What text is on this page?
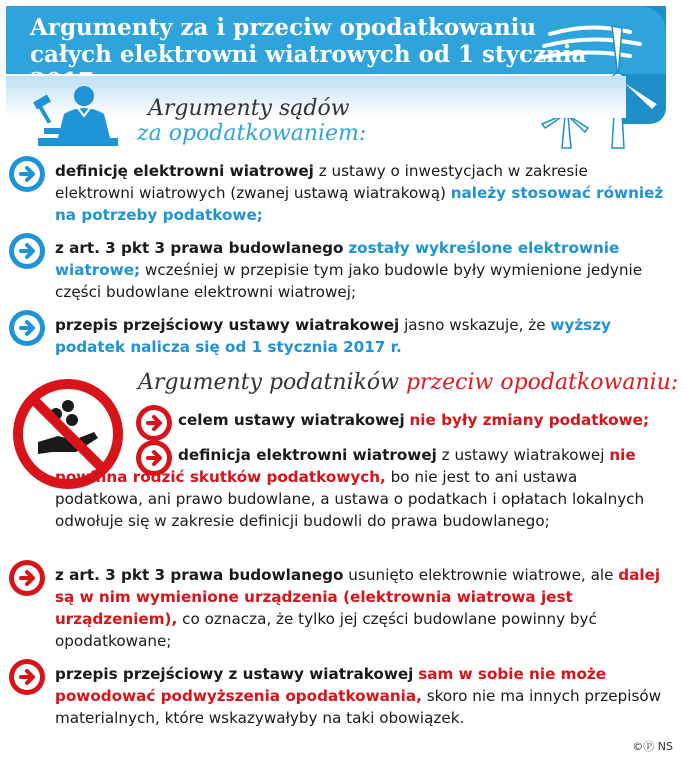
Argumenty za i przeciw opodatkowaniu całych elektrowni wiatrowych od 1 stycznia
Argumenty sądów
za opodatkowaniem:

definicję elektrowni wiatrowej z ustawy o inwestycjach w zakresie elektrowni wiatrowych (zwanej ustawą wiatrakową) należy stosować również na potrzeby podatkowe;

z art. 3 pkt 3 prawa budowlanego zostały wykreślone elektrownie wiatrowe; wcześniej w przepisie tym jako budowle były wymienione jedynie części budowlane elektrowni wiatrowej;

przepis przejściowy ustawy wiatrakowej jasno wskazuje, że wyższy podatek nalicza się od 1 stycznia 2017 r.

Argumenty podatników przeciw opodatkowaniu:

celem ustawy wiatrakowej nie były zmiany podatkowe;

definicja elektrowni wiatrowej z ustawy wiatrakowej nie powinna rodzić skutków podatkowych, bo nie jest to ani ustawa podatkowa, ani prawo budowlane, a ustawa o podatkach i opłatach lokalnych odwołuje się w zakresie definicji budowli do prawa budowlanego;

z art. 3 pkt 3 prawa budowlanego usunięto elektrownie wiatrowe, ale dalej są w nim wymienione urządzenia (elektrownia wiatrowa jest urządzeniem), co oznacza, że tylko jej części budowlane powinny być opodatkowane;

przepis przejściowy z ustawy wiatrakowej sam w sobie nie może powodować podwyższenia opodatkowania, skoro nie ma innych przepisów materialnych, które wskazywałyby na taki obowiązek.

©Ⓟ NS
